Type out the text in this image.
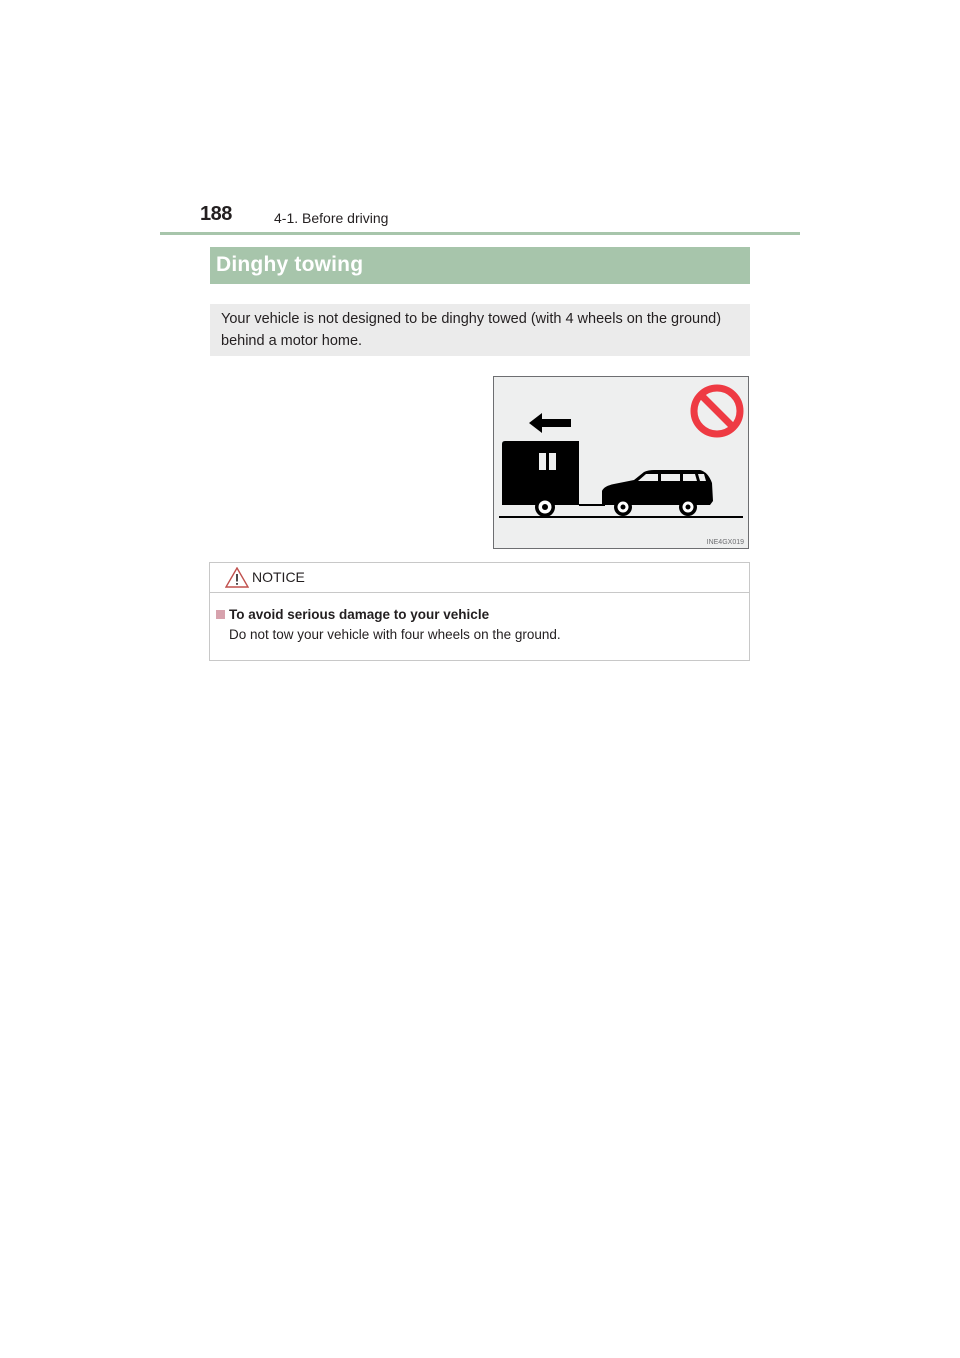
188	4-1. Before driving
Dinghy towing
Your vehicle is not designed to be dinghy towed (with 4 wheels on the ground) behind a motor home.
INE4GX019
NOTICE
To avoid serious damage to your vehicle
Do not tow your vehicle with four wheels on the ground.
